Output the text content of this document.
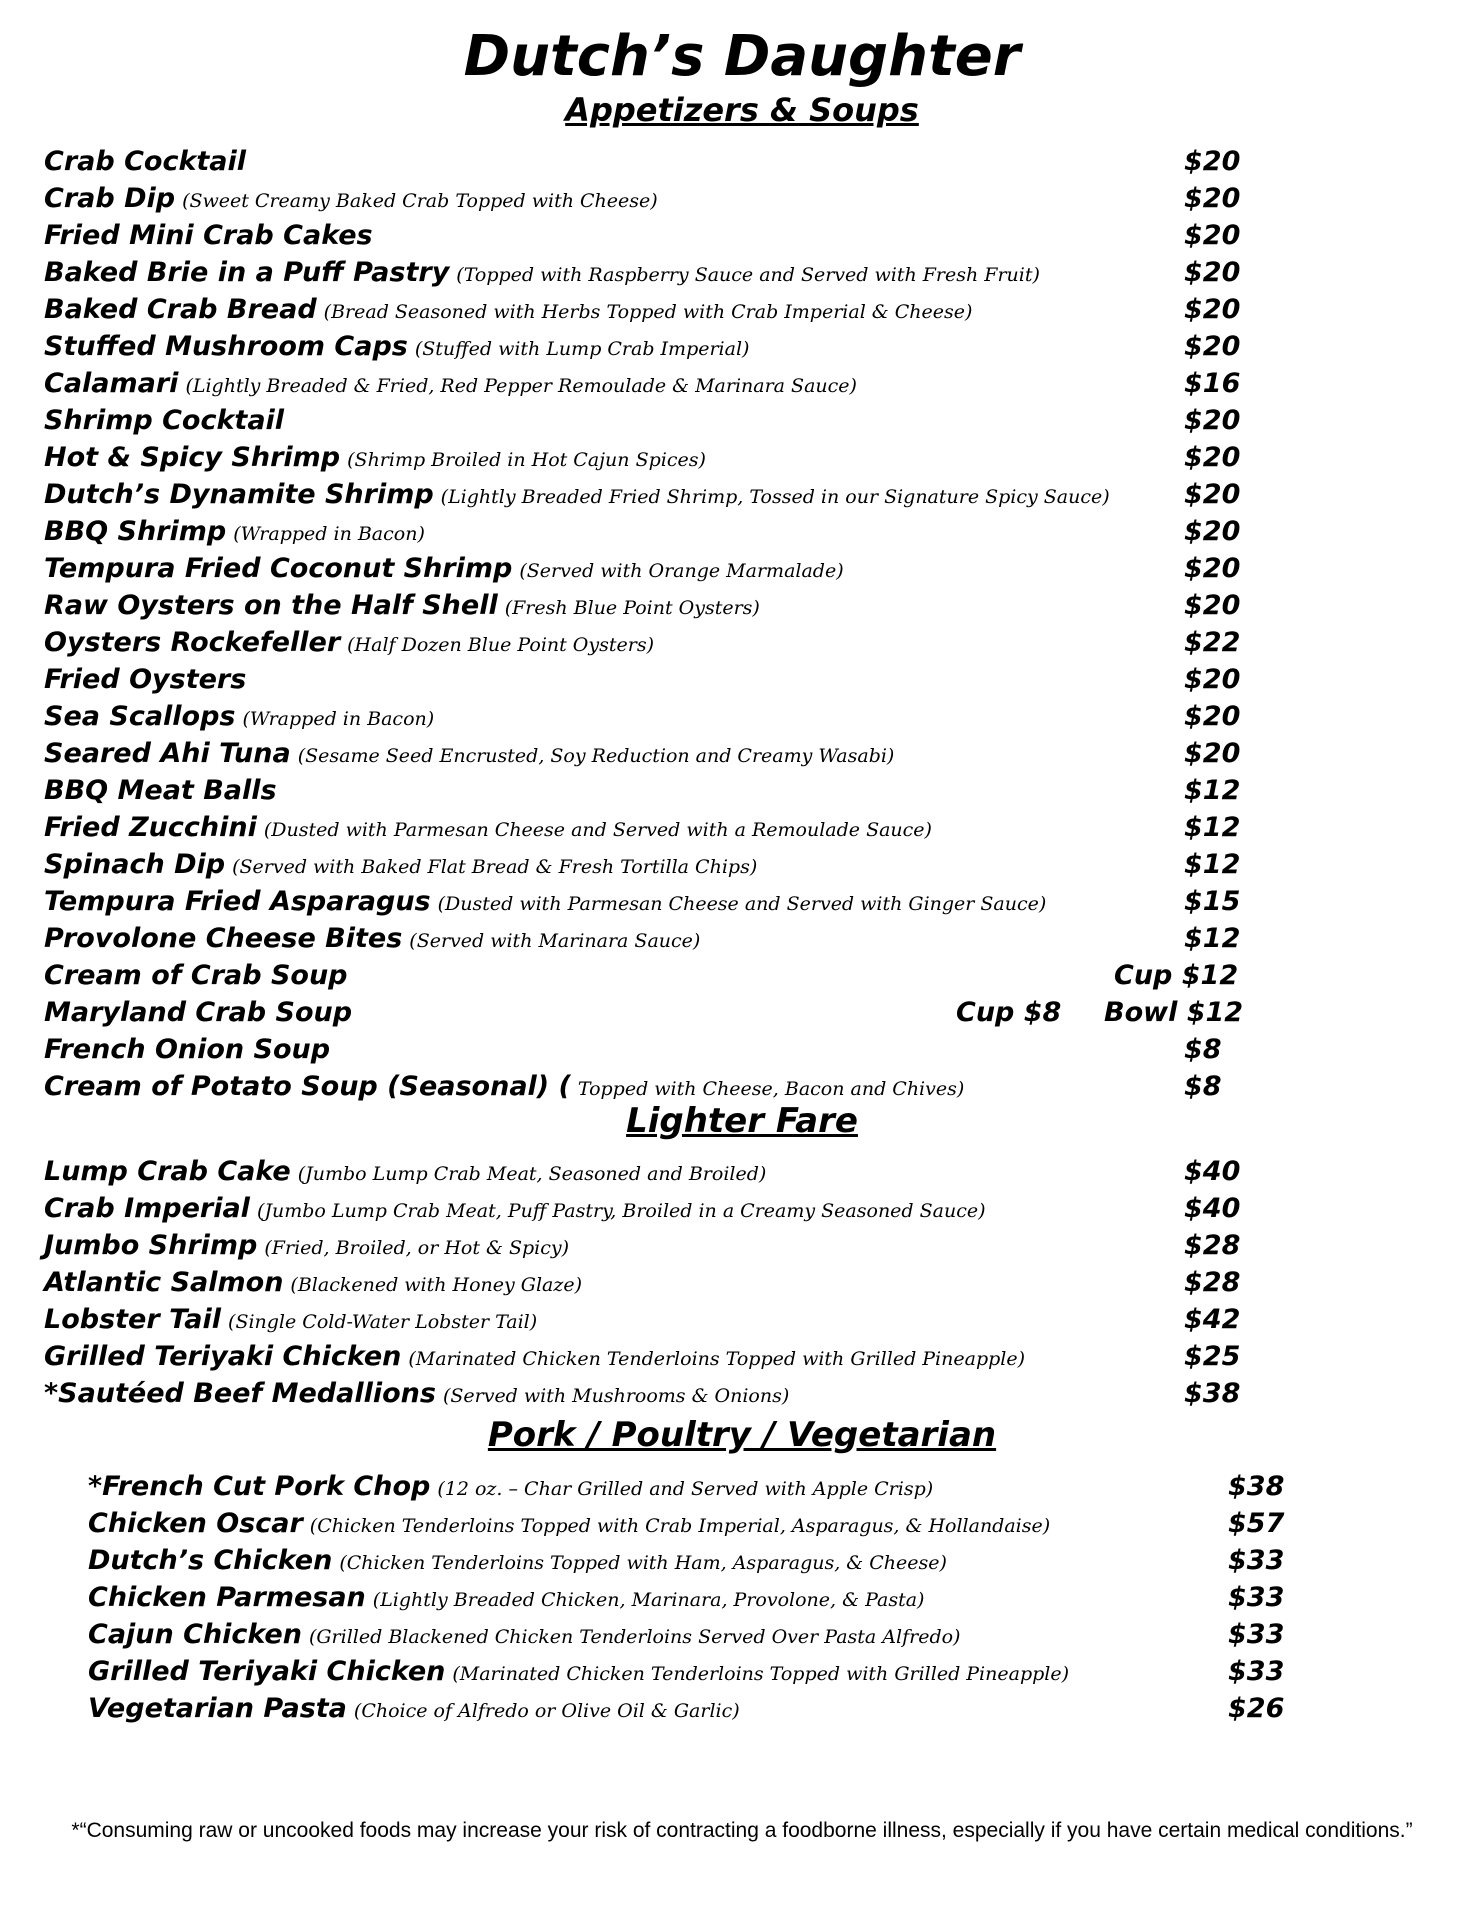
Dutch’s Daughter
Appetizers & Soups
Crab Cocktail	$20
Crab Dip (Sweet Creamy Baked Crab Topped with Cheese)	$20
Fried Mini Crab Cakes	$20
Baked Brie in a Puff Pastry (Topped with Raspberry Sauce and Served with Fresh Fruit)	$20
Baked Crab Bread (Bread Seasoned with Herbs Topped with Crab Imperial & Cheese)	$20
Stuffed Mushroom Caps (Stuffed with Lump Crab Imperial)	$20
Calamari (Lightly Breaded & Fried, Red Pepper Remoulade & Marinara Sauce)	$16
Shrimp Cocktail	$20
Hot & Spicy Shrimp (Shrimp Broiled in Hot Cajun Spices)	$20
Dutch’s Dynamite Shrimp (Lightly Breaded Fried Shrimp, Tossed in our Signature Spicy Sauce)	$20
BBQ Shrimp (Wrapped in Bacon)	$20
Tempura Fried Coconut Shrimp (Served with Orange Marmalade)	$20
Raw Oysters on the Half Shell (Fresh Blue Point Oysters)	$20
Oysters Rockefeller (Half Dozen Blue Point Oysters)	$22
Fried Oysters	$20
Sea Scallops (Wrapped in Bacon)	$20
Seared Ahi Tuna (Sesame Seed Encrusted, Soy Reduction and Creamy Wasabi)	$20
BBQ Meat Balls	$12
Fried Zucchini (Dusted with Parmesan Cheese and Served with a Remoulade Sauce)	$12
Spinach Dip (Served with Baked Flat Bread & Fresh Tortilla Chips)	$12
Tempura Fried Asparagus (Dusted with Parmesan Cheese and Served with Ginger Sauce)	$15
Provolone Cheese Bites (Served with Marinara Sauce)	$12
Cream of Crab Soup	Cup $12
Maryland Crab Soup	Cup $8 Bowl $12
French Onion Soup	$8
Cream of Potato Soup (Seasonal) ( Topped with Cheese, Bacon and Chives)	$8
Lighter Fare
Lump Crab Cake (Jumbo Lump Crab Meat, Seasoned and Broiled)	$40
Crab Imperial (Jumbo Lump Crab Meat, Puff Pastry, Broiled in a Creamy Seasoned Sauce)	$40
Jumbo Shrimp (Fried, Broiled, or Hot & Spicy)	$28
Atlantic Salmon (Blackened with Honey Glaze)	$28
Lobster Tail (Single Cold-Water Lobster Tail)	$42
Grilled Teriyaki Chicken (Marinated Chicken Tenderloins Topped with Grilled Pineapple)	$25
*Sautéed Beef Medallions (Served with Mushrooms & Onions)	$38
Pork / Poultry / Vegetarian
*French Cut Pork Chop (12 oz. – Char Grilled and Served with Apple Crisp)	$38
Chicken Oscar (Chicken Tenderloins Topped with Crab Imperial, Asparagus, & Hollandaise)	$57
Dutch’s Chicken (Chicken Tenderloins Topped with Ham, Asparagus, & Cheese)	$33
Chicken Parmesan (Lightly Breaded Chicken, Marinara, Provolone, & Pasta)	$33
Cajun Chicken (Grilled Blackened Chicken Tenderloins Served Over Pasta Alfredo)	$33
Grilled Teriyaki Chicken (Marinated Chicken Tenderloins Topped with Grilled Pineapple)	$33
Vegetarian Pasta (Choice of Alfredo or Olive Oil & Garlic)	$26
*“Consuming raw or uncooked foods may increase your risk of contracting a foodborne illness, especially if you have certain medical conditions.”
